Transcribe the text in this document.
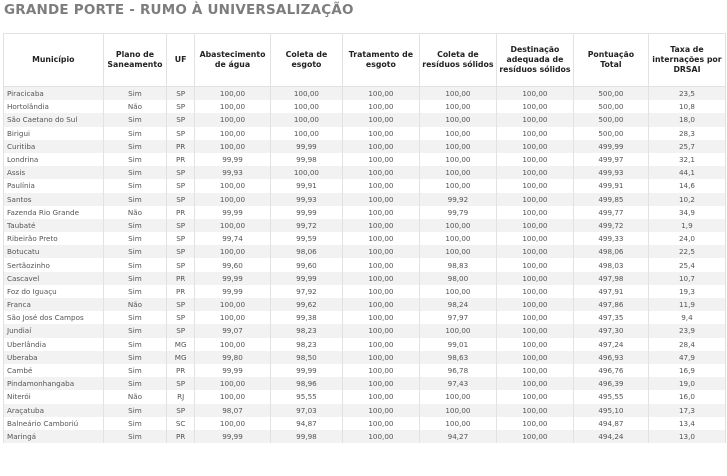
GRANDE PORTE - RUMO À UNIVERSALIZAÇÃO
Município	Plano de Saneamento	UF	Abastecimento de água	Coleta de esgoto	Tratamento de esgoto	Coleta de resíduos sólidos	Destinação adequada de resíduos sólidos	Pontuação Total	Taxa de internações por DRSAI
Piracicaba	Sim	SP	100,00	100,00	100,00	100,00	100,00	500,00	23,5
Hortolândia	Não	SP	100,00	100,00	100,00	100,00	100,00	500,00	10,8
São Caetano do Sul	Sim	SP	100,00	100,00	100,00	100,00	100,00	500,00	18,0
Birigui	Sim	SP	100,00	100,00	100,00	100,00	100,00	500,00	28,3
Curitiba	Sim	PR	100,00	99,99	100,00	100,00	100,00	499,99	25,7
Londrina	Sim	PR	99,99	99,98	100,00	100,00	100,00	499,97	32,1
Assis	Sim	SP	99,93	100,00	100,00	100,00	100,00	499,93	44,1
Paulínia	Sim	SP	100,00	99,91	100,00	100,00	100,00	499,91	14,6
Santos	Sim	SP	100,00	99,93	100,00	99,92	100,00	499,85	10,2
Fazenda Rio Grande	Não	PR	99,99	99,99	100,00	99,79	100,00	499,77	34,9
Taubaté	Sim	SP	100,00	99,72	100,00	100,00	100,00	499,72	1,9
Ribeirão Preto	Sim	SP	99,74	99,59	100,00	100,00	100,00	499,33	24,0
Botucatu	Sim	SP	100,00	98,06	100,00	100,00	100,00	498,06	22,5
Sertãozinho	Sim	SP	99,60	99,60	100,00	98,83	100,00	498,03	25,4
Cascavel	Sim	PR	99,99	99,99	100,00	98,00	100,00	497,98	10,7
Foz do Iguaçu	Sim	PR	99,99	97,92	100,00	100,00	100,00	497,91	19,3
Franca	Não	SP	100,00	99,62	100,00	98,24	100,00	497,86	11,9
São José dos Campos	Sim	SP	100,00	99,38	100,00	97,97	100,00	497,35	9,4
Jundiaí	Sim	SP	99,07	98,23	100,00	100,00	100,00	497,30	23,9
Uberlândia	Sim	MG	100,00	98,23	100,00	99,01	100,00	497,24	28,4
Uberaba	Sim	MG	99,80	98,50	100,00	98,63	100,00	496,93	47,9
Cambé	Sim	PR	99,99	99,99	100,00	96,78	100,00	496,76	16,9
Pindamonhangaba	Sim	SP	100,00	98,96	100,00	97,43	100,00	496,39	19,0
Niterói	Não	RJ	100,00	95,55	100,00	100,00	100,00	495,55	16,0
Araçatuba	Sim	SP	98,07	97,03	100,00	100,00	100,00	495,10	17,3
Balneário Camboriú	Sim	SC	100,00	94,87	100,00	100,00	100,00	494,87	13,4
Maringá	Sim	PR	99,99	99,98	100,00	94,27	100,00	494,24	13,0
